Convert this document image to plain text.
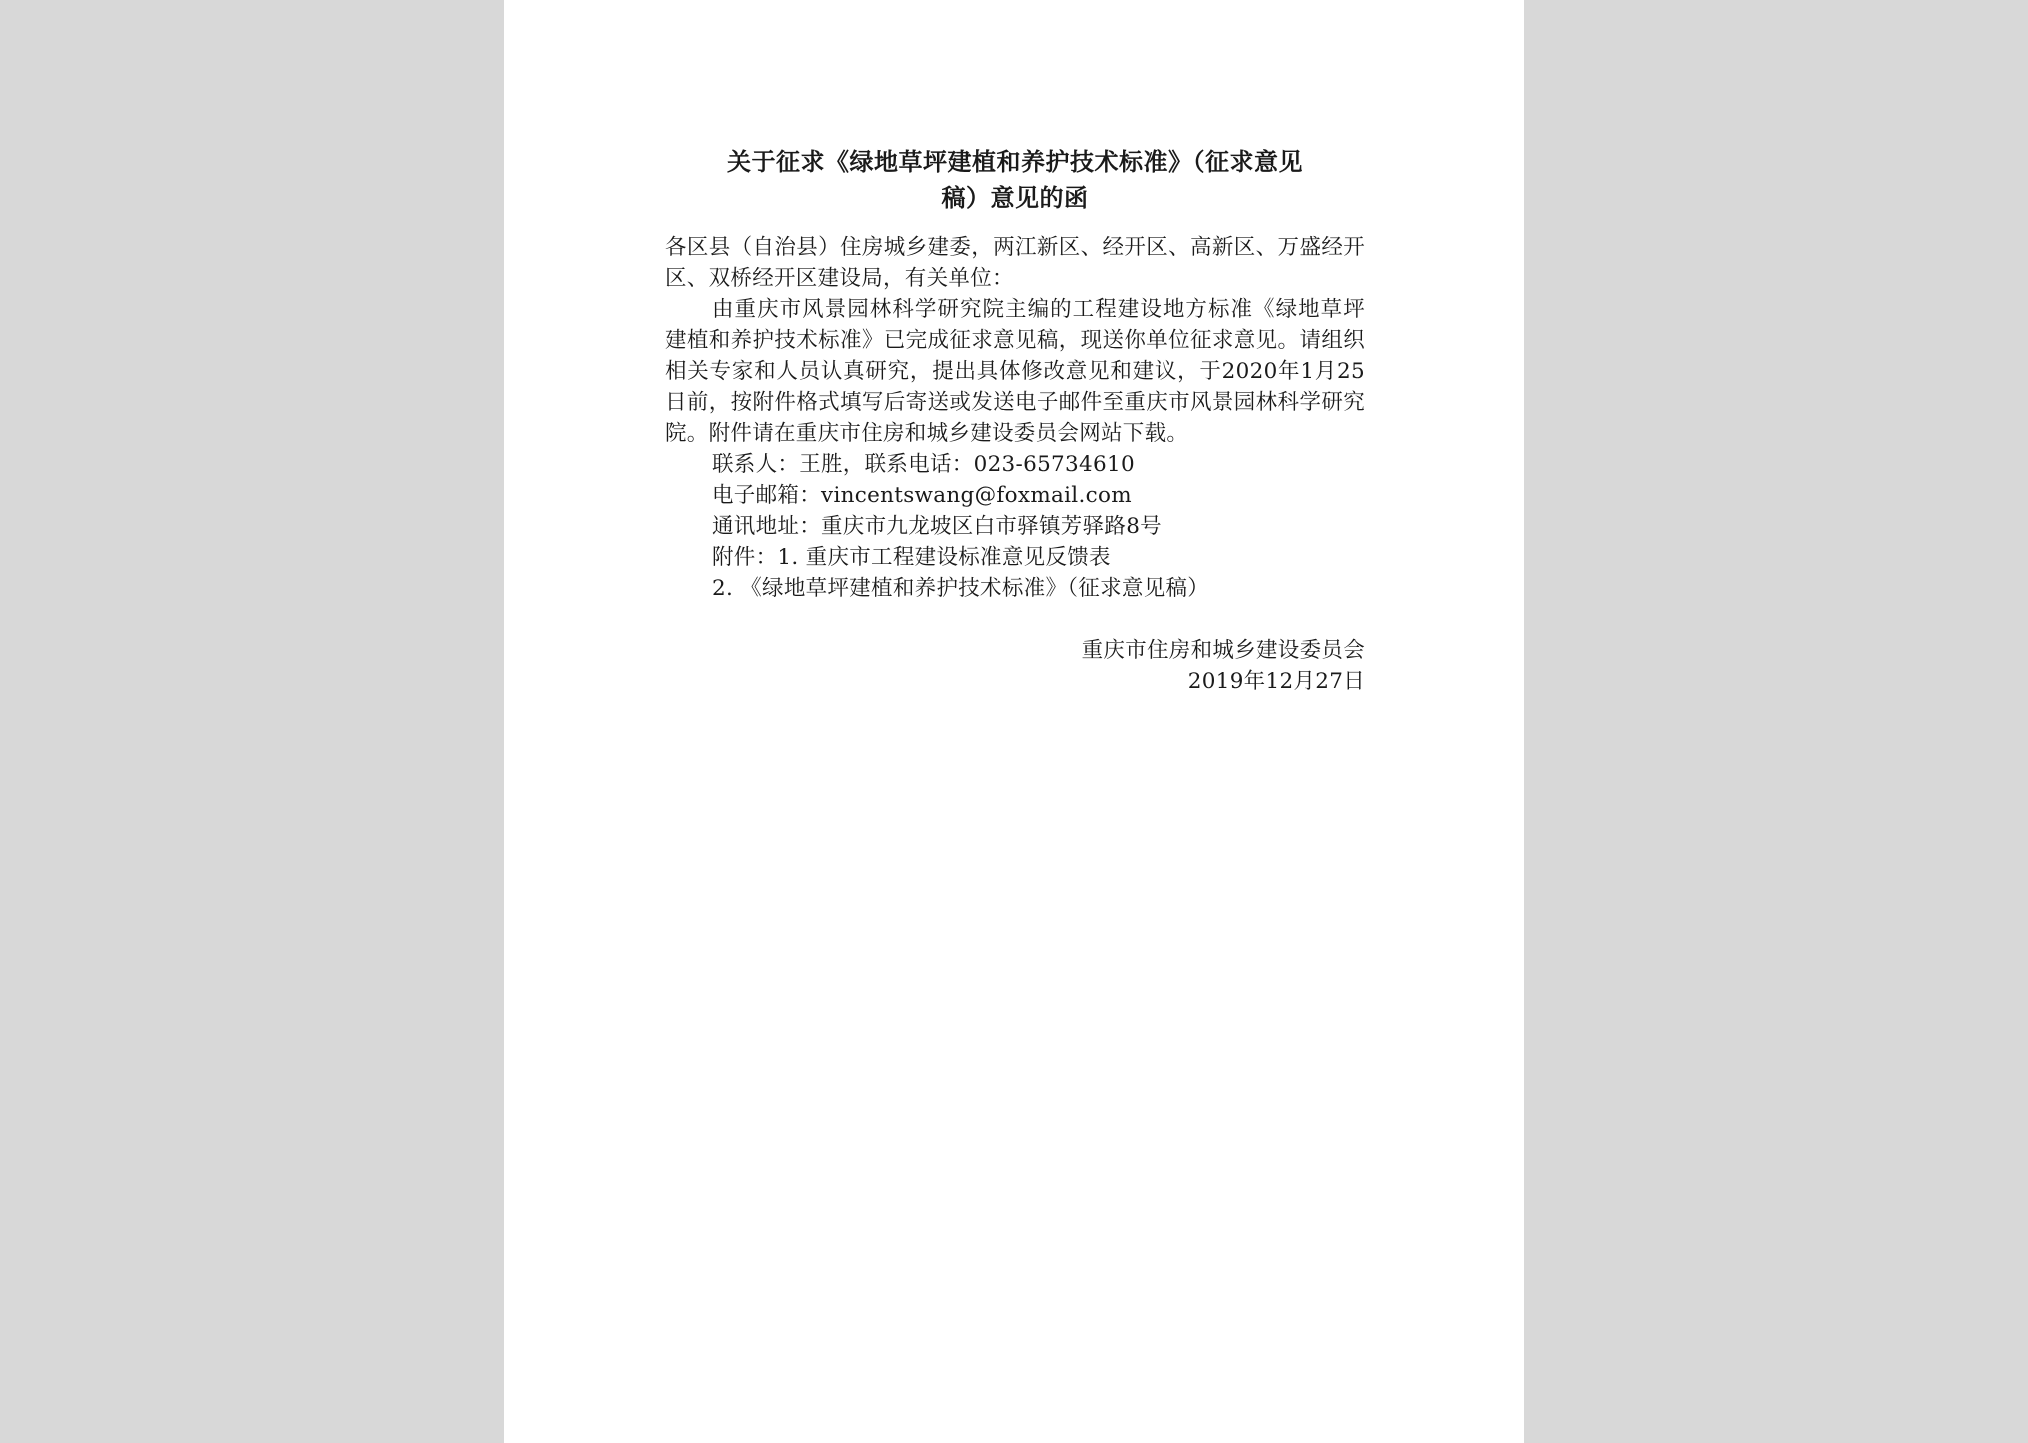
关于征求《绿地草坪建植和养护技术标准》（征求意见
稿）意见的函

各区县（自治县）住房城乡建委，两江新区、经开区、高新区、万盛经开区、双桥经开区建设局，有关单位：

由重庆市风景园林科学研究院主编的工程建设地方标准《绿地草坪建植和养护技术标准》已完成征求意见稿，现送你单位征求意见。请组织相关专家和人员认真研究，提出具体修改意见和建议，于2020年1月25日前，按附件格式填写后寄送或发送电子邮件至重庆市风景园林科学研究院。附件请在重庆市住房和城乡建设委员会网站下载。

联系人：王胜，联系电话：023-65734610

电子邮箱：vincentswang@foxmail.com

通讯地址：重庆市九龙坡区白市驿镇芳驿路8号

附件：1. 重庆市工程建设标准意见反馈表

2. 《绿地草坪建植和养护技术标准》（征求意见稿）

重庆市住房和城乡建设委员会
2019年12月27日
